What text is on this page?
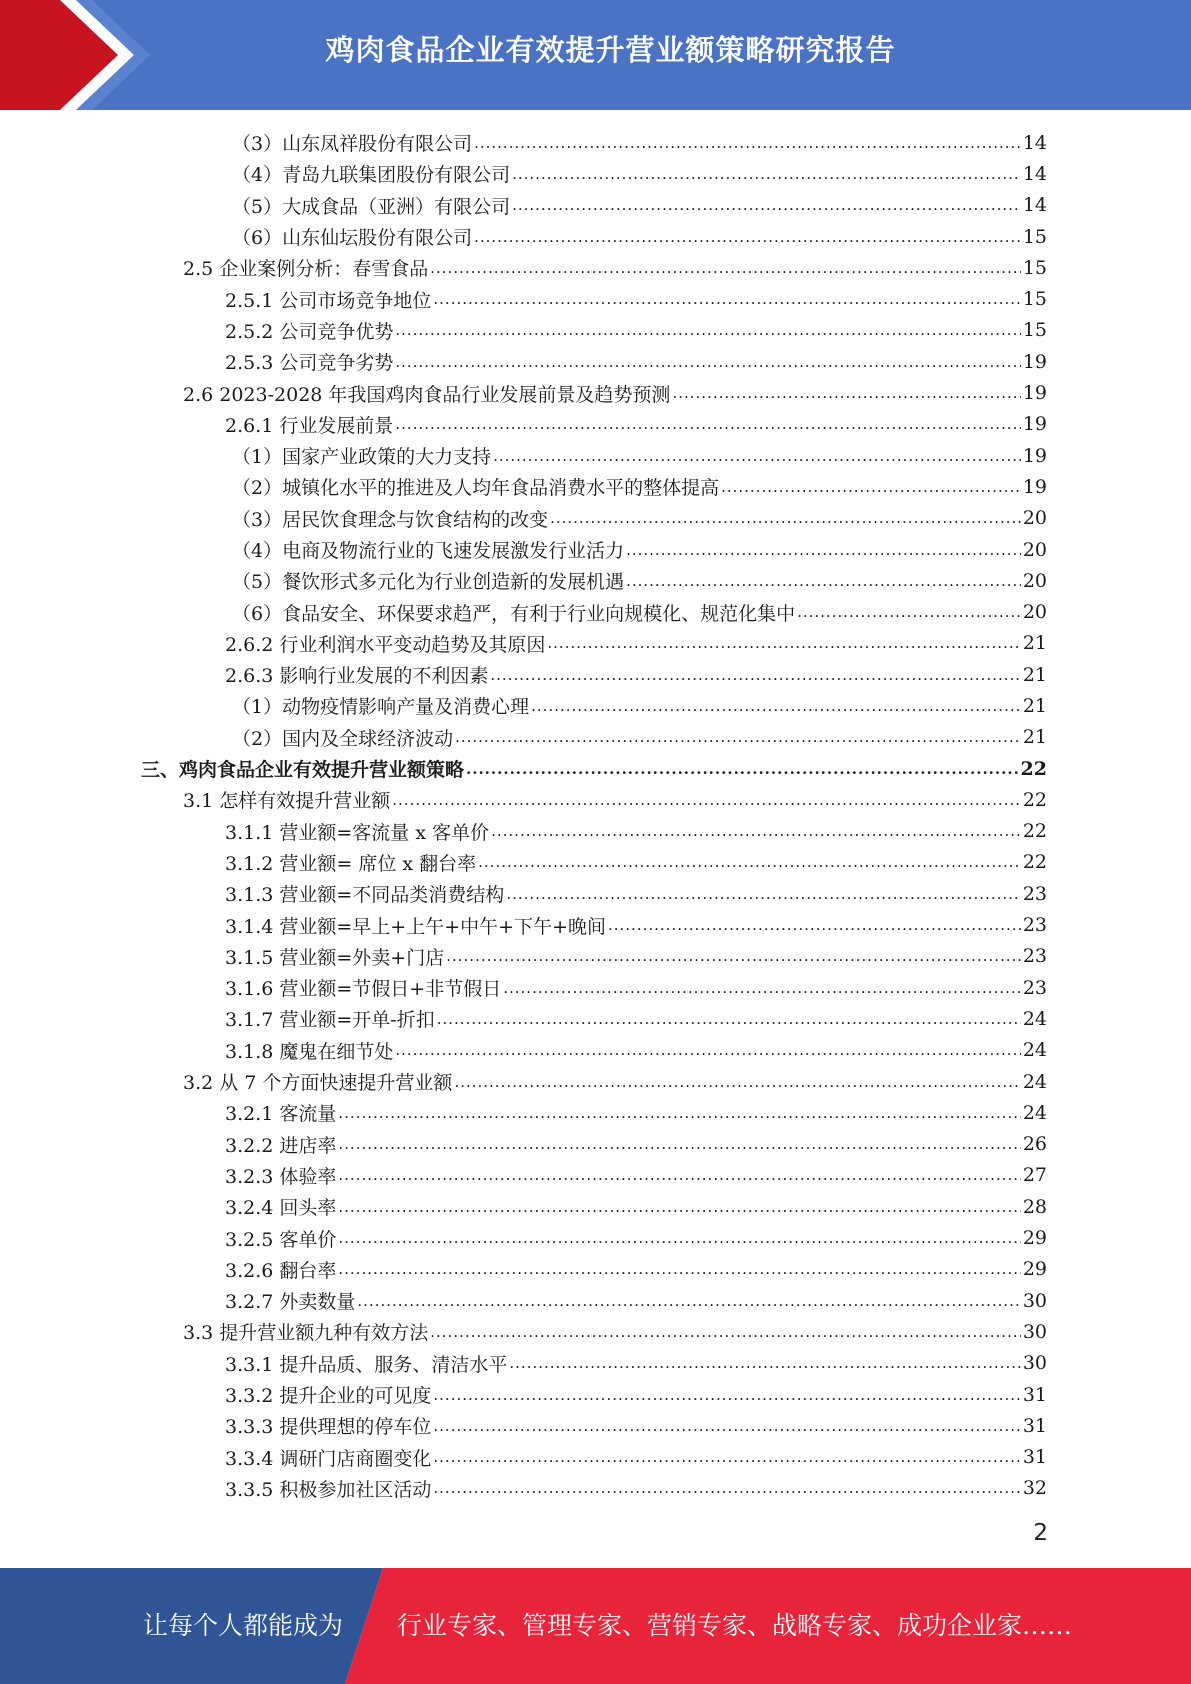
鸡肉食品企业有效提升营业额策略研究报告
（3）山东凤祥股份有限公司 .....	14
（4）青岛九联集团股份有限公司 .....	14
（5）大成食品（亚洲）有限公司 .....	14
（6）山东仙坛股份有限公司 .....	15
2.5 企业案例分析：春雪食品 .....	15
2.5.1 公司市场竞争地位 .....	15
2.5.2 公司竞争优势 .....	15
2.5.3 公司竞争劣势 .....	19
2.6 2023-2028 年我国鸡肉食品行业发展前景及趋势预测 .....	19
2.6.1 行业发展前景 .....	19
（1）国家产业政策的大力支持 .....	19
（2）城镇化水平的推进及人均年食品消费水平的整体提高 .....	19
（3）居民饮食理念与饮食结构的改变 .....	20
（4）电商及物流行业的飞速发展激发行业活力 .....	20
（5）餐饮形式多元化为行业创造新的发展机遇 .....	20
（6）食品安全、环保要求趋严，有利于行业向规模化、规范化集中 .....	20
2.6.2 行业利润水平变动趋势及其原因 .....	21
2.6.3 影响行业发展的不利因素 .....	21
（1）动物疫情影响产量及消费心理 .....	21
（2）国内及全球经济波动 .....	21
三、鸡肉食品企业有效提升营业额策略 .....	22
3.1 怎样有效提升营业额 .....	22
3.1.1 营业额=客流量 x 客单价 .....	22
3.1.2 营业额= 席位 x 翻台率 .....	22
3.1.3 营业额=不同品类消费结构 .....	23
3.1.4 营业额=早上+上午+中午+下午+晚间 .....	23
3.1.5 营业额=外卖+门店 .....	23
3.1.6 营业额=节假日+非节假日 .....	23
3.1.7 营业额=开单-折扣 .....	24
3.1.8 魔鬼在细节处 .....	24
3.2 从 7 个方面快速提升营业额 .....	24
3.2.1 客流量 .....	24
3.2.2 进店率 .....	26
3.2.3 体验率 .....	27
3.2.4 回头率 .....	28
3.2.5 客单价 .....	29
3.2.6 翻台率 .....	29
3.2.7 外卖数量 .....	30
3.3 提升营业额九种有效方法 .....	30
3.3.1 提升品质、服务、清洁水平 .....	30
3.3.2 提升企业的可见度 .....	31
3.3.3 提供理想的停车位 .....	31
3.3.4 调研门店商圈变化 .....	31
3.3.5 积极参加社区活动 .....	32
2
让每个人都能成为 行业专家、管理专家、营销专家、战略专家、成功企业家……
